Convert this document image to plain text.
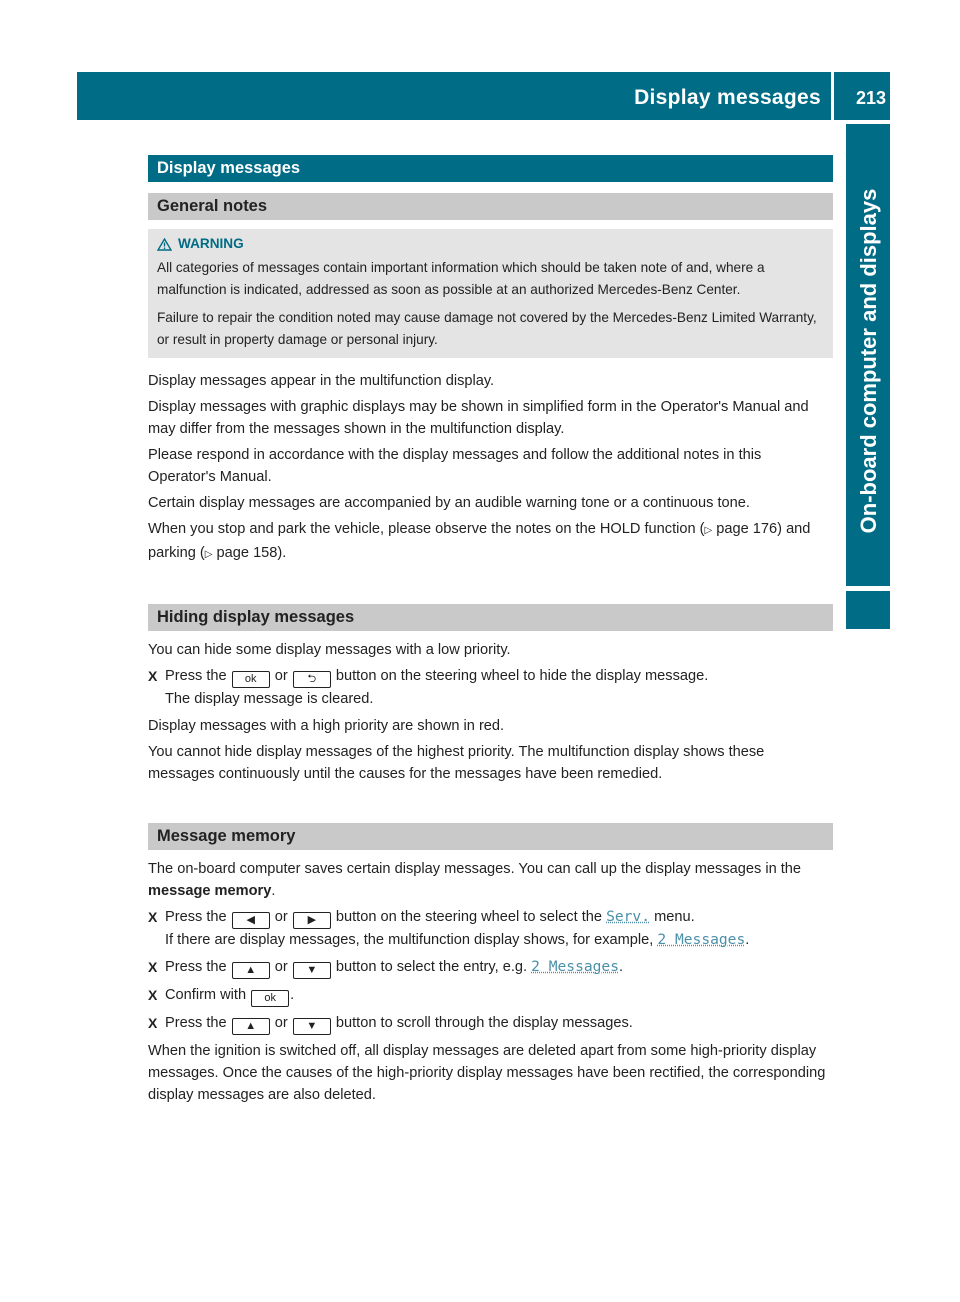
Display messages 213
On-board computer and displays
Display messages
General notes
WARNING

All categories of messages contain important information which should be taken note of and, where a malfunction is indicated, addressed as soon as possible at an authorized Mercedes-Benz Center.

Failure to repair the condition noted may cause damage not covered by the Mercedes-Benz Limited Warranty, or result in property damage or personal injury.

Display messages appear in the multifunction display.

Display messages with graphic displays may be shown in simplified form in the Operator's Manual and may differ from the messages shown in the multifunction display.

Please respond in accordance with the display messages and follow the additional notes in this Operator's Manual.

Certain display messages are accompanied by an audible warning tone or a continuous tone.

When you stop and park the vehicle, please observe the notes on the HOLD function (▷ page 176) and parking (▷ page 158).

Hiding display messages

You can hide some display messages with a low priority.

X Press the ok or ⮌ button on the steering wheel to hide the display message.
The display message is cleared.

Display messages with a high priority are shown in red.

You cannot hide display messages of the highest priority. The multifunction display shows these messages continuously until the causes for the messages have been remedied.

Message memory

The on-board computer saves certain display messages. You can call up the display messages in the message memory.

X Press the ◀ or ▶ button on the steering wheel to select the Serv. menu.
If there are display messages, the multifunction display shows, for example, 2 Messages.
X Press the ▲ or ▼ button to select the entry, e.g. 2 Messages.
X Confirm with ok .
X Press the ▲ or ▼ button to scroll through the display messages.

When the ignition is switched off, all display messages are deleted apart from some high-priority display messages. Once the causes of the high-priority display messages have been rectified, the corresponding display messages are also deleted.
